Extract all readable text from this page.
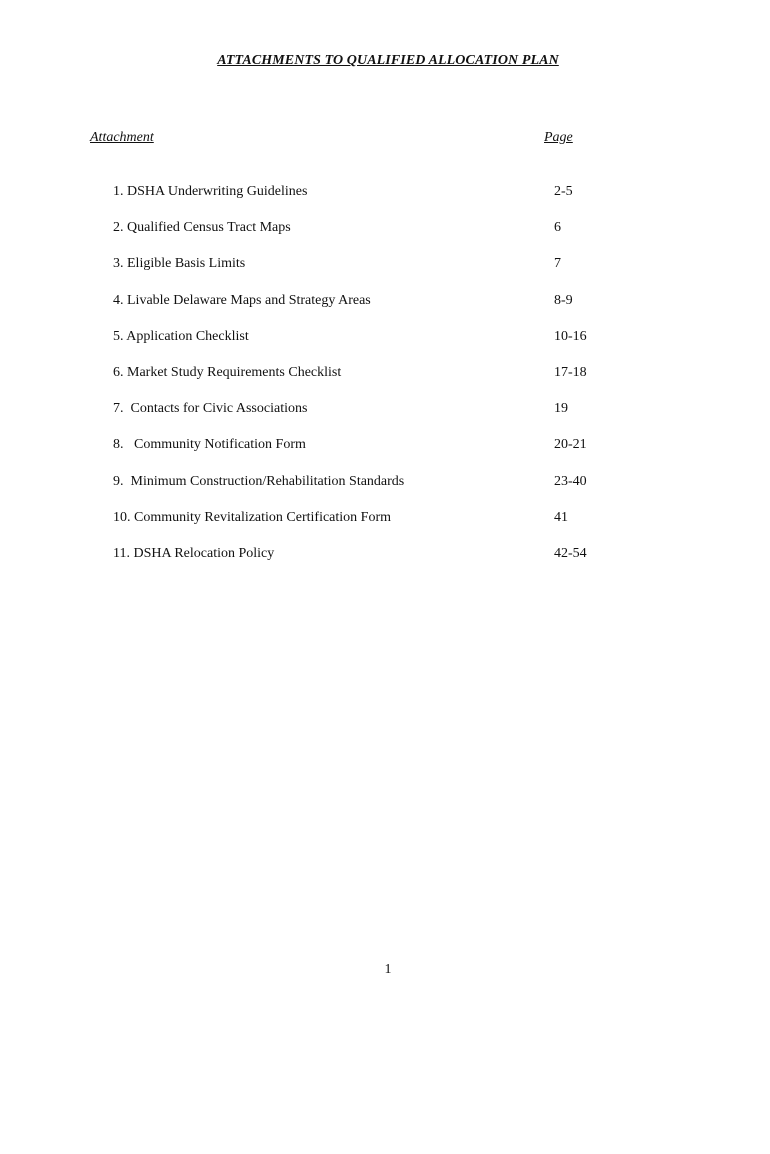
ATTACHMENTS TO QUALIFIED ALLOCATION PLAN
Attachment	Page
1. DSHA Underwriting Guidelines	2-5
2. Qualified Census Tract Maps	6
3. Eligible Basis Limits	7
4. Livable Delaware Maps and Strategy Areas	8-9
5. Application Checklist	10-16
6. Market Study Requirements Checklist	17-18
7.  Contacts for Civic Associations	19
8.   Community Notification Form	20-21
9.  Minimum Construction/Rehabilitation Standards	23-40
10. Community Revitalization Certification Form	41
11. DSHA Relocation Policy	42-54
1
